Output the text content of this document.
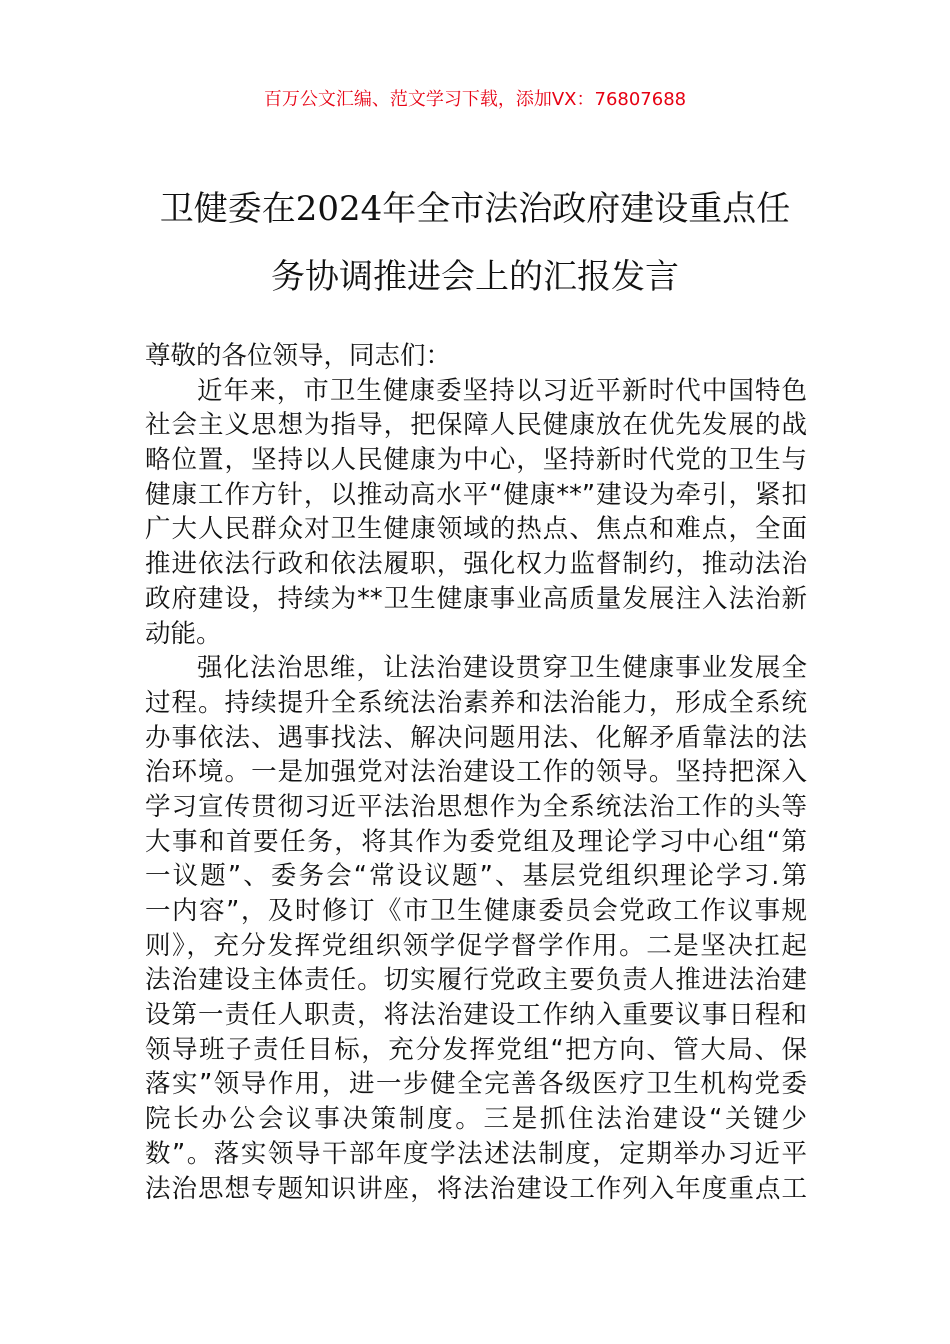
百万公文汇编、范文学习下载，添加VX：76807688
卫健委在2024年全市法治政府建设重点任
务协调推进会上的汇报发言
尊敬的各位领导，同志们：
近年来，市卫生健康委坚持以习近平新时代中国特色
社会主义思想为指导，把保障人民健康放在优先发展的战
略位置，坚持以人民健康为中心，坚持新时代党的卫生与
健康工作方针，以推动高水平“健康**”建设为牵引，紧扣
广大人民群众对卫生健康领域的热点、焦点和难点，全面
推进依法行政和依法履职，强化权力监督制约，推动法治
政府建设，持续为**卫生健康事业高质量发展注入法治新
动能。
强化法治思维，让法治建设贯穿卫生健康事业发展全
过程。持续提升全系统法治素养和法治能力，形成全系统
办事依法、遇事找法、解决问题用法、化解矛盾靠法的法
治环境。一是加强党对法治建设工作的领导。坚持把深入
学习宣传贯彻习近平法治思想作为全系统法治工作的头等
大事和首要任务，将其作为委党组及理论学习中心组“第
一议题”、委务会“常设议题”、基层党组织理论学习.第
一内容”，及时修订《市卫生健康委员会党政工作议事规
则》，充分发挥党组织领学促学督学作用。二是坚决扛起
法治建设主体责任。切实履行党政主要负责人推进法治建
设第一责任人职责，将法治建设工作纳入重要议事日程和
领导班子责任目标，充分发挥党组“把方向、管大局、保
落实”领导作用，进一步健全完善各级医疗卫生机构党委
院长办公会议事决策制度。三是抓住法治建设“关键少
数”。落实领导干部年度学法述法制度，定期举办习近平
法治思想专题知识讲座，将法治建设工作列入年度重点工
